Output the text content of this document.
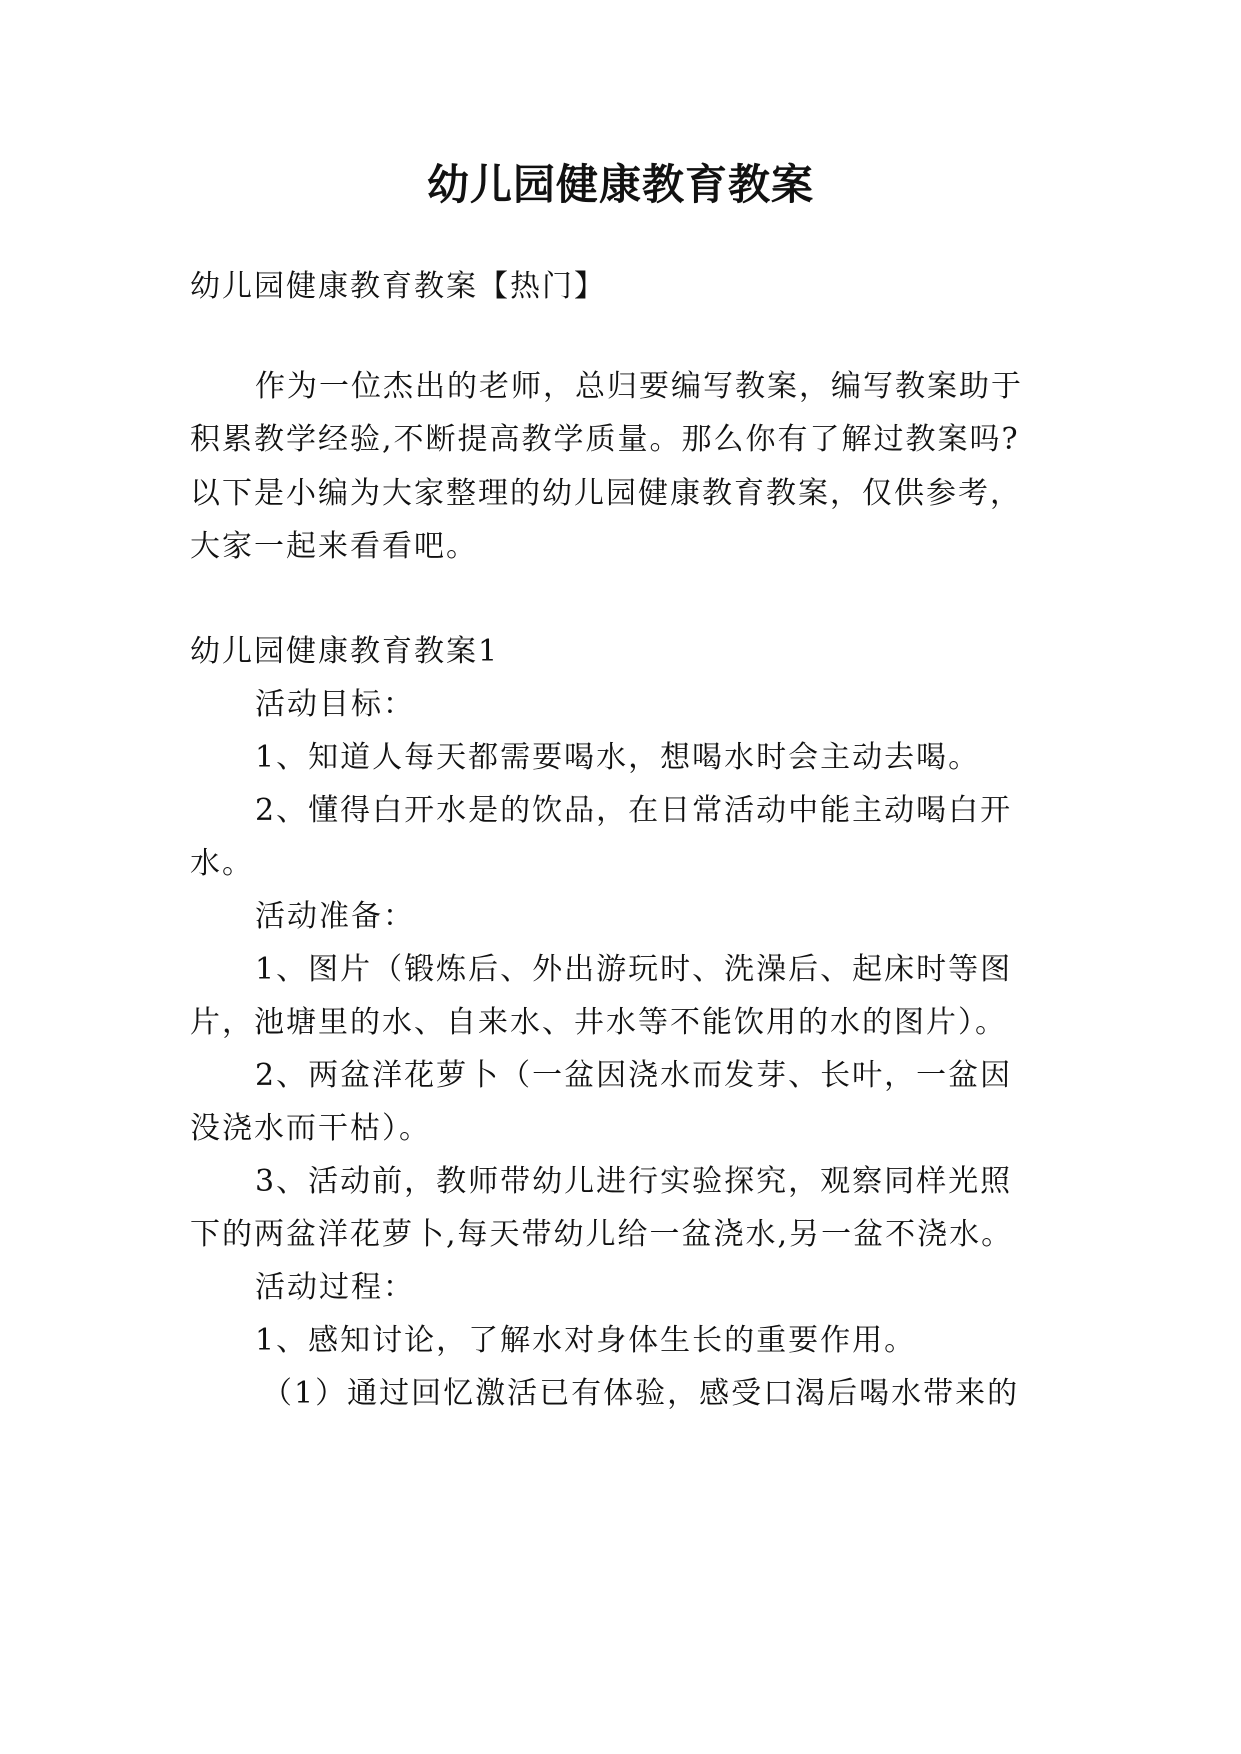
幼儿园健康教育教案
幼儿园健康教育教案【热门】
作为一位杰出的老师，总归要编写教案，编写教案助于
积累教学经验,不断提高教学质量。那么你有了解过教案吗?
以下是小编为大家整理的幼儿园健康教育教案，仅供参考，
大家一起来看看吧。
幼儿园健康教育教案1
活动目标：
1、知道人每天都需要喝水，想喝水时会主动去喝。
2、懂得白开水是的饮品，在日常活动中能主动喝白开
水。
活动准备：
1、图片（锻炼后、外出游玩时、洗澡后、起床时等图
片，池塘里的水、自来水、井水等不能饮用的水的图片）。
2、两盆洋花萝卜（一盆因浇水而发芽、长叶，一盆因
没浇水而干枯）。
3、活动前，教师带幼儿进行实验探究，观察同样光照
下的两盆洋花萝卜,每天带幼儿给一盆浇水,另一盆不浇水。
活动过程：
1、感知讨论，了解水对身体生长的重要作用。
（1）通过回忆激活已有体验，感受口渴后喝水带来的
